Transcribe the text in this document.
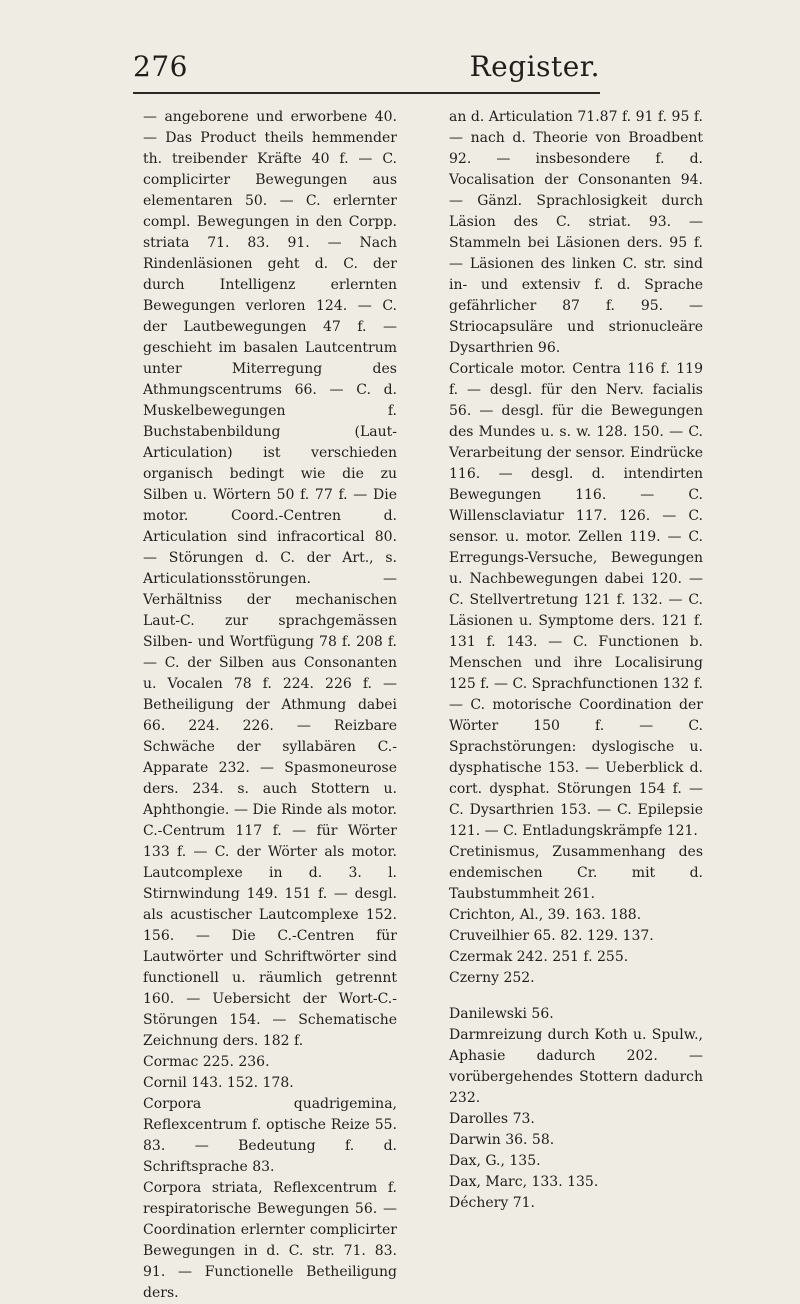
276	Register.

— angeborene und erworbene 40. — Das Product theils hemmender th. treibender Kräfte 40 f. — C. complicirter Bewegungen aus elementaren 50. — C. erlernter compl. Bewegungen in den Corpp. striata 71. 83. 91. — Nach Rindenläsionen geht d. C. der durch Intelligenz erlernten Bewegungen verloren 124. — C. der Lautbewegungen 47 f. — geschieht im basalen Lautcentrum unter Miterregung des Athmungscentrums 66. — C. d. Muskelbewegungen f. Buchstabenbildung (Laut-Articulation) ist verschieden organisch bedingt wie die zu Silben u. Wörtern 50 f. 77 f. — Die motor. Coord.-Centren d. Articulation sind infracortical 80. — Störungen d. C. der Art., s. Articulationsstörungen. — Verhältniss der mechanischen Laut-C. zur sprachgemässen Silben- und Wortfügung 78 f. 208 f. — C. der Silben aus Consonanten u. Vocalen 78 f. 224. 226 f. — Betheiligung der Athmung dabei 66. 224. 226. — Reizbare Schwäche der syllabären C.-Apparate 232. — Spasmoneurose ders. 234. s. auch Stottern u. Aphthongie. — Die Rinde als motor. C.-Centrum 117 f. — für Wörter 133 f. — C. der Wörter als motor. Lautcomplexe in d. 3. l. Stirnwindung 149. 151 f. — desgl. als acustischer Lautcomplexe 152. 156. — Die C.-Centren für Lautwörter und Schriftwörter sind functionell u. räumlich getrennt 160. — Uebersicht der Wort-C.-Störungen 154. — Schematische Zeichnung ders. 182 f.

Cormac 225. 236.

Cornil 143. 152. 178.

Corpora quadrigemina, Reflexcentrum f. optische Reize 55. 83. — Bedeutung f. d. Schriftsprache 83.

Corpora striata, Reflexcentrum f. respiratorische Bewegungen 56. — Coordination erlernter complicirter Bewegungen in d. C. str. 71. 83. 91. — Functionelle Betheiligung ders.

an d. Articulation 71.87 f. 91 f. 95 f. — nach d. Theorie von Broadbent 92. — insbesondere f. d. Vocalisation der Consonanten 94. — Gänzl. Sprachlosigkeit durch Läsion des C. striat. 93. — Stammeln bei Läsionen ders. 95 f. — Läsionen des linken C. str. sind in- und extensiv f. d. Sprache gefährlicher 87 f. 95. — Striocapsuläre und strionucleäre Dysarthrien 96.

Corticale motor. Centra 116 f. 119 f. — desgl. für den Nerv. facialis 56. — desgl. für die Bewegungen des Mundes u. s. w. 128. 150. — C. Verarbeitung der sensor. Eindrücke 116. — desgl. d. intendirten Bewegungen 116. — C. Willensclaviatur 117. 126. — C. sensor. u. motor. Zellen 119. — C. Erregungs-Versuche, Bewegungen u. Nachbewegungen dabei 120. — C. Stellvertretung 121 f. 132. — C. Läsionen u. Symptome ders. 121 f. 131 f. 143. — C. Functionen b. Menschen und ihre Localisirung 125 f. — C. Sprachfunctionen 132 f. — C. motorische Coordination der Wörter 150 f. — C. Sprachstörungen: dyslogische u. dysphatische 153. — Ueberblick d. cort. dysphat. Störungen 154 f. — C. Dysarthrien 153. — C. Epilepsie 121. — C. Entladungskrämpfe 121.

Cretinismus, Zusammenhang des endemischen Cr. mit d. Taubstummheit 261.

Crichton, Al., 39. 163. 188.

Cruveilhier 65. 82. 129. 137.

Czermak 242. 251 f. 255.

Czerny 252.

Danilewski 56.

Darmreizung durch Koth u. Spulw., Aphasie dadurch 202. — vorübergehendes Stottern dadurch 232.

Darolles 73.

Darwin 36. 58.

Dax, G., 135.

Dax, Marc, 133. 135.

Déchery 71.
